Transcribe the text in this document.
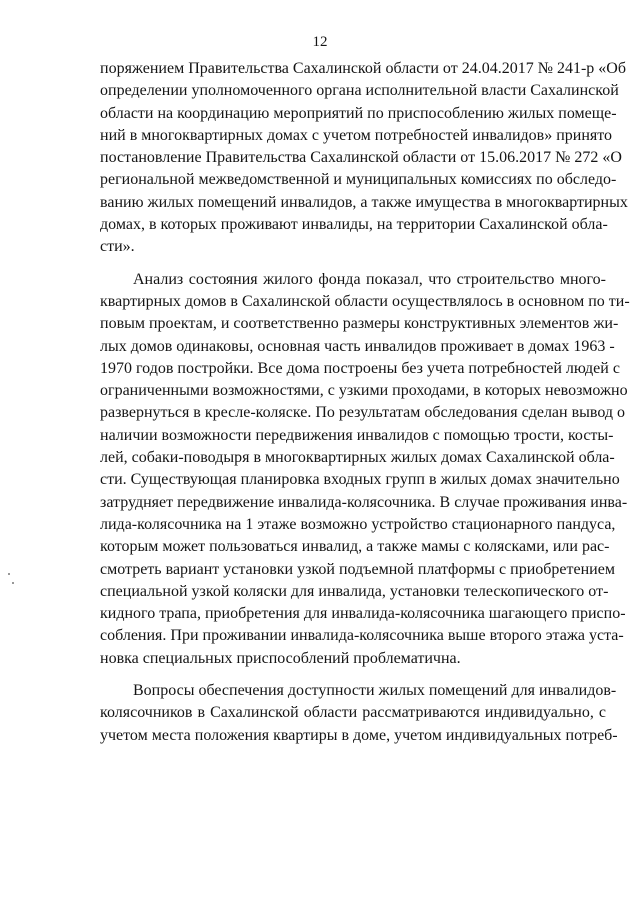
12
поряжением Правительства Сахалинской области от 24.04.2017 № 241-р «Об
определении уполномоченного органа исполнительной власти Сахалинской
области на координацию мероприятий по приспособлению жилых помеще-
ний в многоквартирных домах с учетом потребностей инвалидов» принято
постановление Правительства Сахалинской области от 15.06.2017 № 272 «О
региональной межведомственной и муниципальных комиссиях по обследо-
ванию жилых помещений инвалидов, а также имущества в многоквартирных
домах, в которых проживают инвалиды, на территории Сахалинской обла-
сти».
Анализ состояния жилого фонда показал, что строительство много-
квартирных домов в Сахалинской области осуществлялось в основном по ти-
повым проектам, и соответственно размеры конструктивных элементов жи-
лых домов одинаковы, основная часть инвалидов проживает в домах 1963 -
1970 годов постройки. Все дома построены без учета потребностей людей с
ограниченными возможностями, с узкими проходами, в которых невозможно
развернуться в кресле-коляске. По результатам обследования сделан вывод о
наличии возможности передвижения инвалидов с помощью трости, косты-
лей, собаки-поводыря в многоквартирных жилых домах Сахалинской обла-
сти. Существующая планировка входных групп в жилых домах значительно
затрудняет передвижение инвалида-колясочника. В случае проживания инва-
лида-колясочника на 1 этаже возможно устройство стационарного пандуса,
которым может пользоваться инвалид, а также мамы с колясками, или рас-
смотреть вариант установки узкой подъемной платформы с приобретением
специальной узкой коляски для инвалида, установки телескопического от-
кидного трапа, приобретения для инвалида-колясочника шагающего приспо-
собления. При проживании инвалида-колясочника выше второго этажа уста-
новка специальных приспособлений проблематична.
Вопросы обеспечения доступности жилых помещений для инвалидов-
колясочников в Сахалинской области рассматриваются индивидуально, с
учетом места положения квартиры в доме, учетом индивидуальных потреб-
